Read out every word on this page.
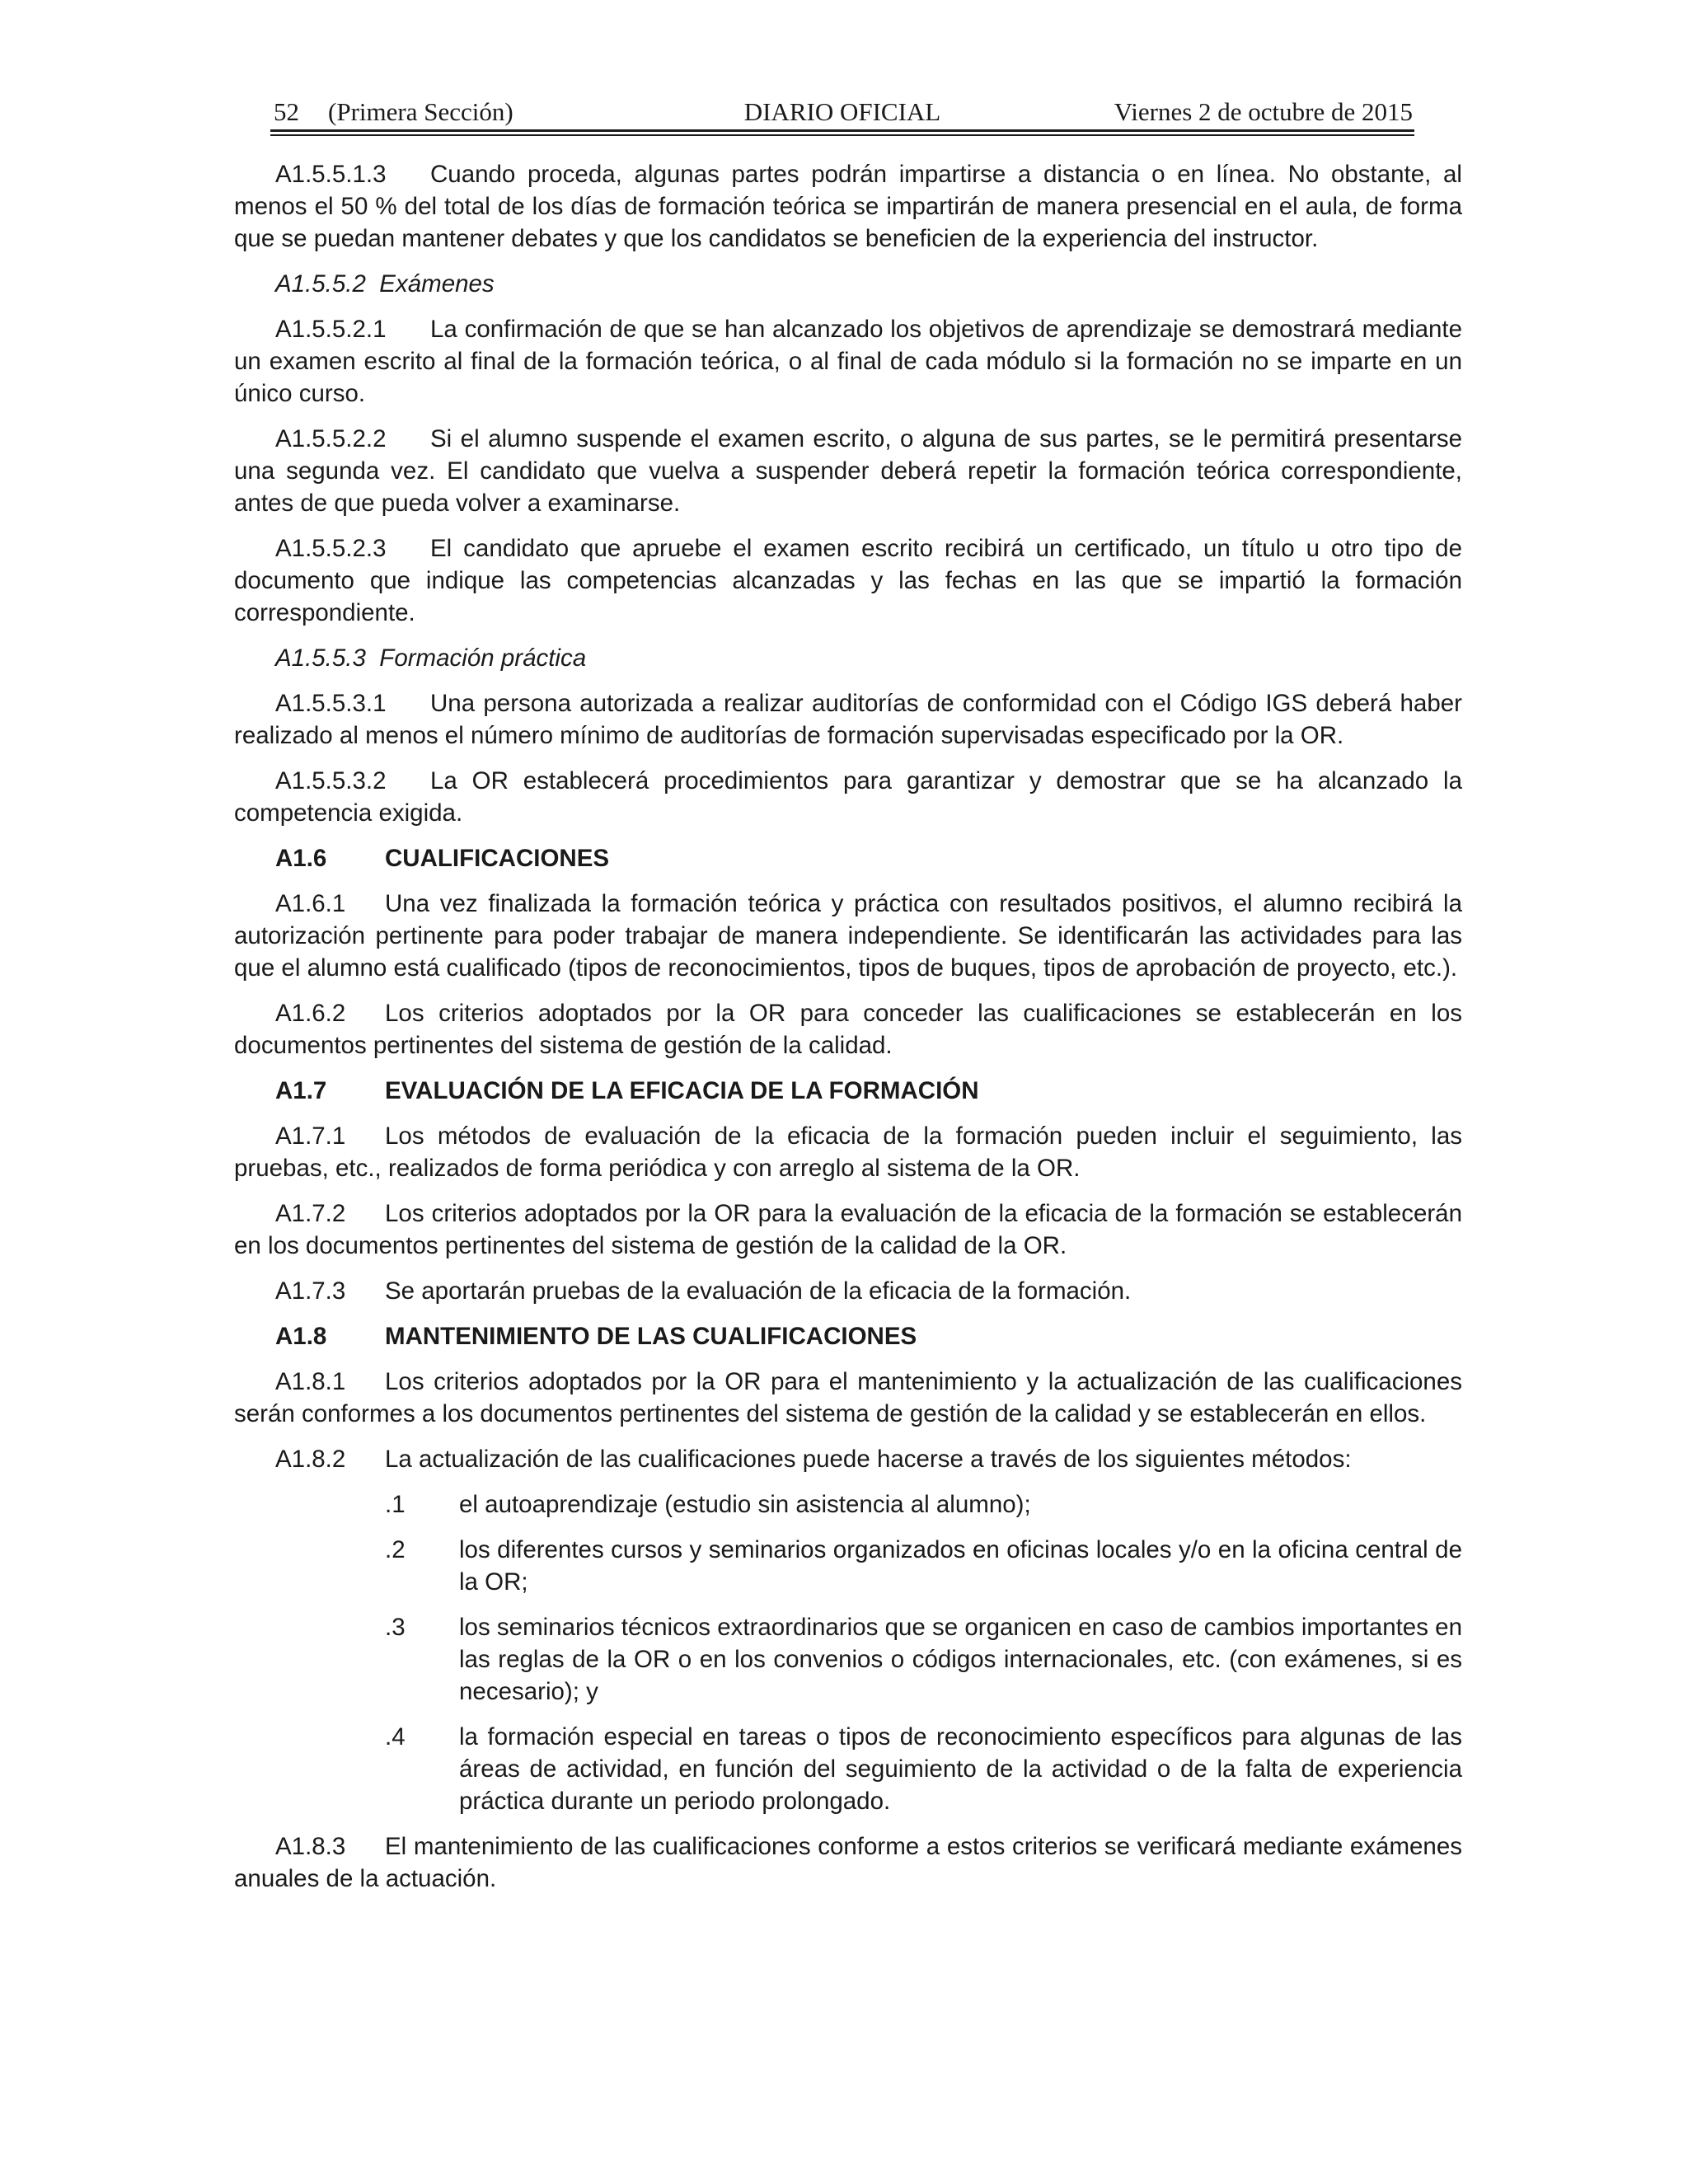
DIARIO OFICIAL
52 (Primera Sección)	Viernes 2 de octubre de 2015

A1.5.5.1.3 Cuando proceda, algunas partes podrán impartirse a distancia o en línea. No obstante, al menos el 50 % del total de los días de formación teórica se impartirán de manera presencial en el aula, de forma que se puedan mantener debates y que los candidatos se beneficien de la experiencia del instructor.

A1.5.5.2 Exámenes

A1.5.5.2.1 La confirmación de que se han alcanzado los objetivos de aprendizaje se demostrará mediante un examen escrito al final de la formación teórica, o al final de cada módulo si la formación no se imparte en un único curso.

A1.5.5.2.2 Si el alumno suspende el examen escrito, o alguna de sus partes, se le permitirá presentarse una segunda vez. El candidato que vuelva a suspender deberá repetir la formación teórica correspondiente, antes de que pueda volver a examinarse.

A1.5.5.2.3 El candidato que apruebe el examen escrito recibirá un certificado, un título u otro tipo de documento que indique las competencias alcanzadas y las fechas en las que se impartió la formación correspondiente.

A1.5.5.3 Formación práctica

A1.5.5.3.1 Una persona autorizada a realizar auditorías de conformidad con el Código IGS deberá haber realizado al menos el número mínimo de auditorías de formación supervisadas especificado por la OR.

A1.5.5.3.2 La OR establecerá procedimientos para garantizar y demostrar que se ha alcanzado la competencia exigida.

A1.6 CUALIFICACIONES

A1.6.1 Una vez finalizada la formación teórica y práctica con resultados positivos, el alumno recibirá la autorización pertinente para poder trabajar de manera independiente. Se identificarán las actividades para las que el alumno está cualificado (tipos de reconocimientos, tipos de buques, tipos de aprobación de proyecto, etc.).

A1.6.2 Los criterios adoptados por la OR para conceder las cualificaciones se establecerán en los documentos pertinentes del sistema de gestión de la calidad.

A1.7 EVALUACIÓN DE LA EFICACIA DE LA FORMACIÓN

A1.7.1 Los métodos de evaluación de la eficacia de la formación pueden incluir el seguimiento, las pruebas, etc., realizados de forma periódica y con arreglo al sistema de la OR.

A1.7.2 Los criterios adoptados por la OR para la evaluación de la eficacia de la formación se establecerán en los documentos pertinentes del sistema de gestión de la calidad de la OR.

A1.7.3 Se aportarán pruebas de la evaluación de la eficacia de la formación.

A1.8 MANTENIMIENTO DE LAS CUALIFICACIONES

A1.8.1 Los criterios adoptados por la OR para el mantenimiento y la actualización de las cualificaciones serán conformes a los documentos pertinentes del sistema de gestión de la calidad y se establecerán en ellos.

A1.8.2 La actualización de las cualificaciones puede hacerse a través de los siguientes métodos:

.1 el autoaprendizaje (estudio sin asistencia al alumno);
.2 los diferentes cursos y seminarios organizados en oficinas locales y/o en la oficina central de la OR;
.3 los seminarios técnicos extraordinarios que se organicen en caso de cambios importantes en las reglas de la OR o en los convenios o códigos internacionales, etc. (con exámenes, si es necesario); y
.4 la formación especial en tareas o tipos de reconocimiento específicos para algunas de las áreas de actividad, en función del seguimiento de la actividad o de la falta de experiencia práctica durante un periodo prolongado.

A1.8.3 El mantenimiento de las cualificaciones conforme a estos criterios se verificará mediante exámenes anuales de la actuación.
